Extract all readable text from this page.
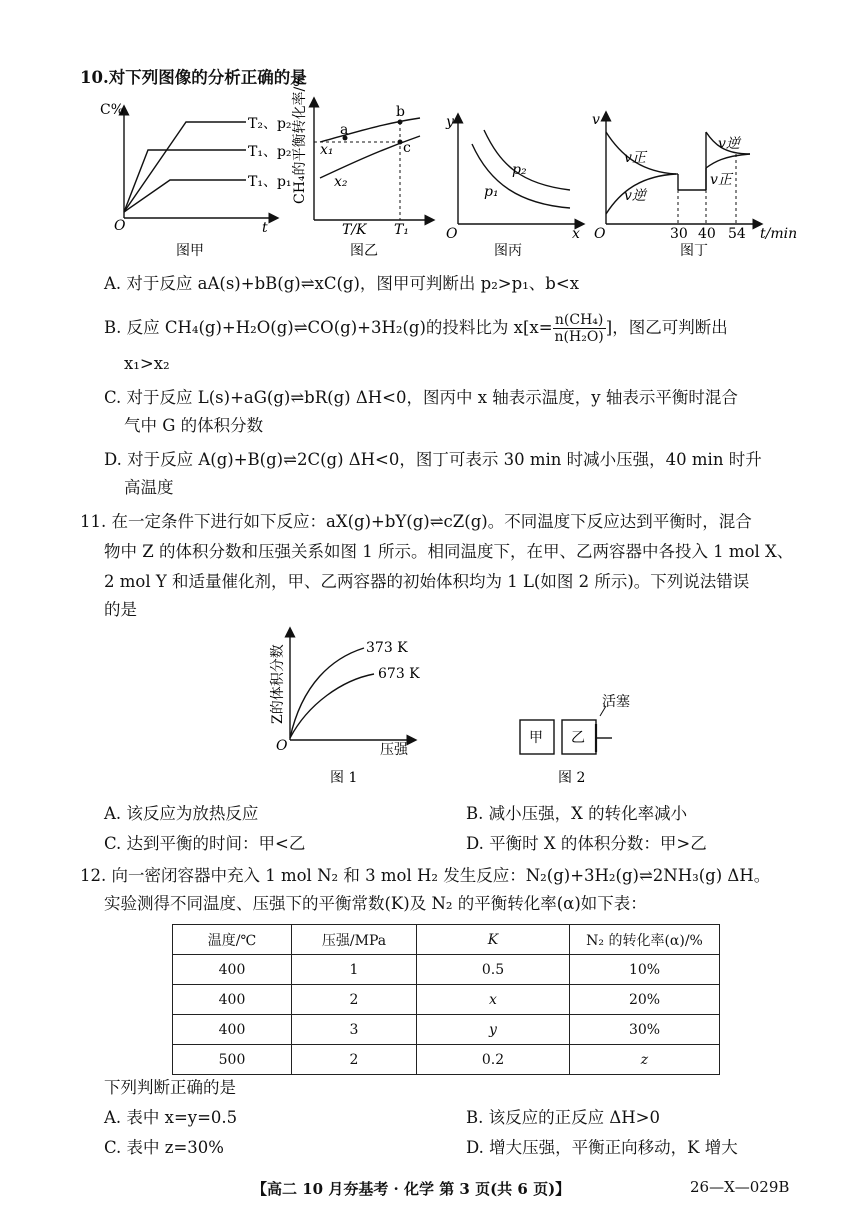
10.对下列图像的分析正确的是
C%
T₂、p₂
T₁、p₂
T₁、p₁
O	t
图甲
CH₄的平衡转化率/% a
b
c
x₁
x₂
T/K T₁
图乙
y
p₂
p₁
O	x
图丙
v
v正
v逆
v逆
v正
O	30 40 54 t/min
图丁
A. 对于反应 aA(s)+bB(g)⇌xC(g)，图甲可判断出 p₂>p₁、b<x
B. 反应 CH₄(g)+H₂O(g)⇌CO(g)+3H₂(g)的投料比为 $x[x= \frac{\text{n(CH₄)}}{\text{n(H₂O)}}$ ]，图乙可判断出
x₁>x₂
C. 对于反应 L(s)+aG(g)⇌bR(g) ΔH<0，图丙中 x 轴表示温度，y 轴表示平衡时混合
气中 G 的体积分数
D. 对于反应 A(g)+B(g)⇌2C(g) ΔH<0，图丁可表示 30 min 时减小压强，40 min 时升
高温度
11. 在一定条件下进行如下反应：aX(g)+bY(g)⇌cZ(g)。不同温度下反应达到平衡时，混合
物中 Z 的体积分数和压强关系如图 1 所示。相同温度下，在甲、乙两容器中各投入 1 mol X、
2 mol Y 和适量催化剂，甲、乙两容器的初始体积均为 1 L(如图 2 所示)。下列说法错误
的是
Z的体积分数	373 K
673 K
O	压强
图 1
甲 乙
活塞
图 2
A. 该反应为放热反应	B. 减小压强，X 的转化率减小
C. 达到平衡的时间：甲<乙	D. 平衡时 X 的体积分数：甲>乙
12. 向一密闭容器中充入 1 mol N₂ 和 3 mol H₂ 发生反应：N₂(g)+3H₂(g)⇌2NH₃(g) ΔH。
实验测得不同温度、压强下的平衡常数(K)及 N₂ 的平衡转化率(α)如下表：
温度/℃	压强/MPa	K	N₂ 的转化率(α)/%
400	1	0.5	10%
400	2	x	20%
400	3	y	30%
500	2	0.2	z
下列判断正确的是
A. 表中 x=y=0.5	B. 该反应的正反应 ΔH>0
C. 表中 z=30%	D. 增大压强，平衡正向移动，K 增大
【高二 10 月夯基考 · 化学 第 3 页(共 6 页)】	26—X—029B
